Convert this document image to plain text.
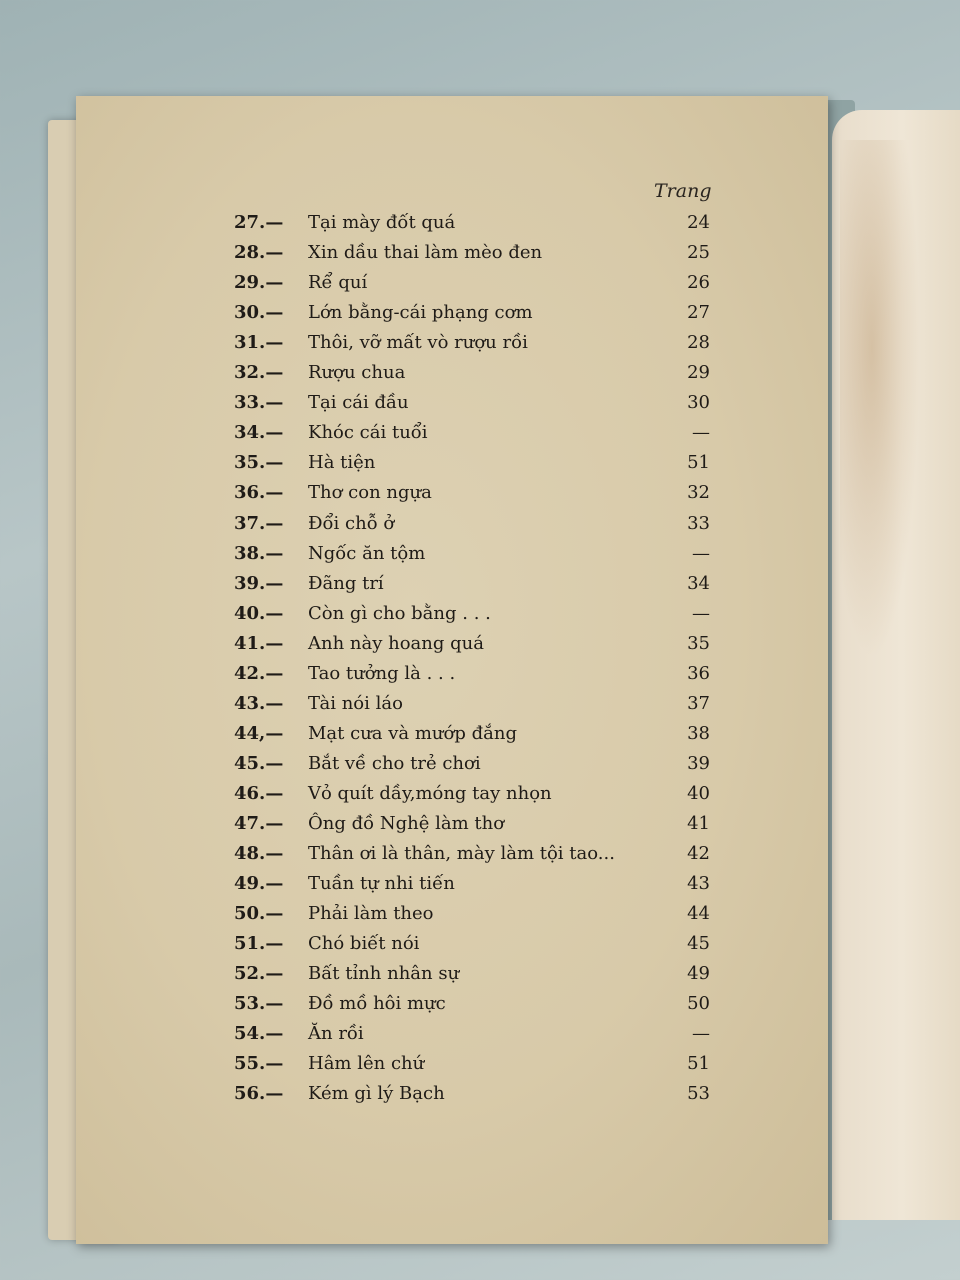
Trang
27.—	Tại mày đốt quá	24
28.—	Xin dầu thai làm mèo đen	25
29.—	Rể quí	26
30.—	Lớn bằng-cái phạng cơm	27
31.—	Thôi, vỡ mất vò rượu rồi	28
32.—	Rượu chua	29
33.—	Tại cái đầu	30
34.—	Khóc cái tuổi	—
35.—	Hà tiện	51
36.—	Thơ con ngựa	32
37.—	Đổi chỗ ở	33
38.—	Ngốc ăn tộm	—
39.—	Đãng trí	34
40.—	Còn gì cho bằng . . .	—
41.—	Anh này hoang quá	35
42.—	Tao tưởng là . . .	36
43.—	Tài nói láo	37
44,—	Mạt cưa và mướp đắng	38
45.—	Bắt về cho trẻ chơi	39
46.—	Vỏ quít dầy,móng tay nhọn	40
47.—	Ông đồ Nghệ làm thơ	41
48.—	Thân ơi là thân, mày làm tội tao...	42
49.—	Tuần tự nhi tiến	43
50.—	Phải làm theo	44
51.—	Chó biết nói	45
52.—	Bất tỉnh nhân sự	49
53.—	Đồ mồ hôi mực	50
54.—	Ăn rồi	—
55.—	Hâm lên chứ	51
56.—	Kém gì lý Bạch	53
